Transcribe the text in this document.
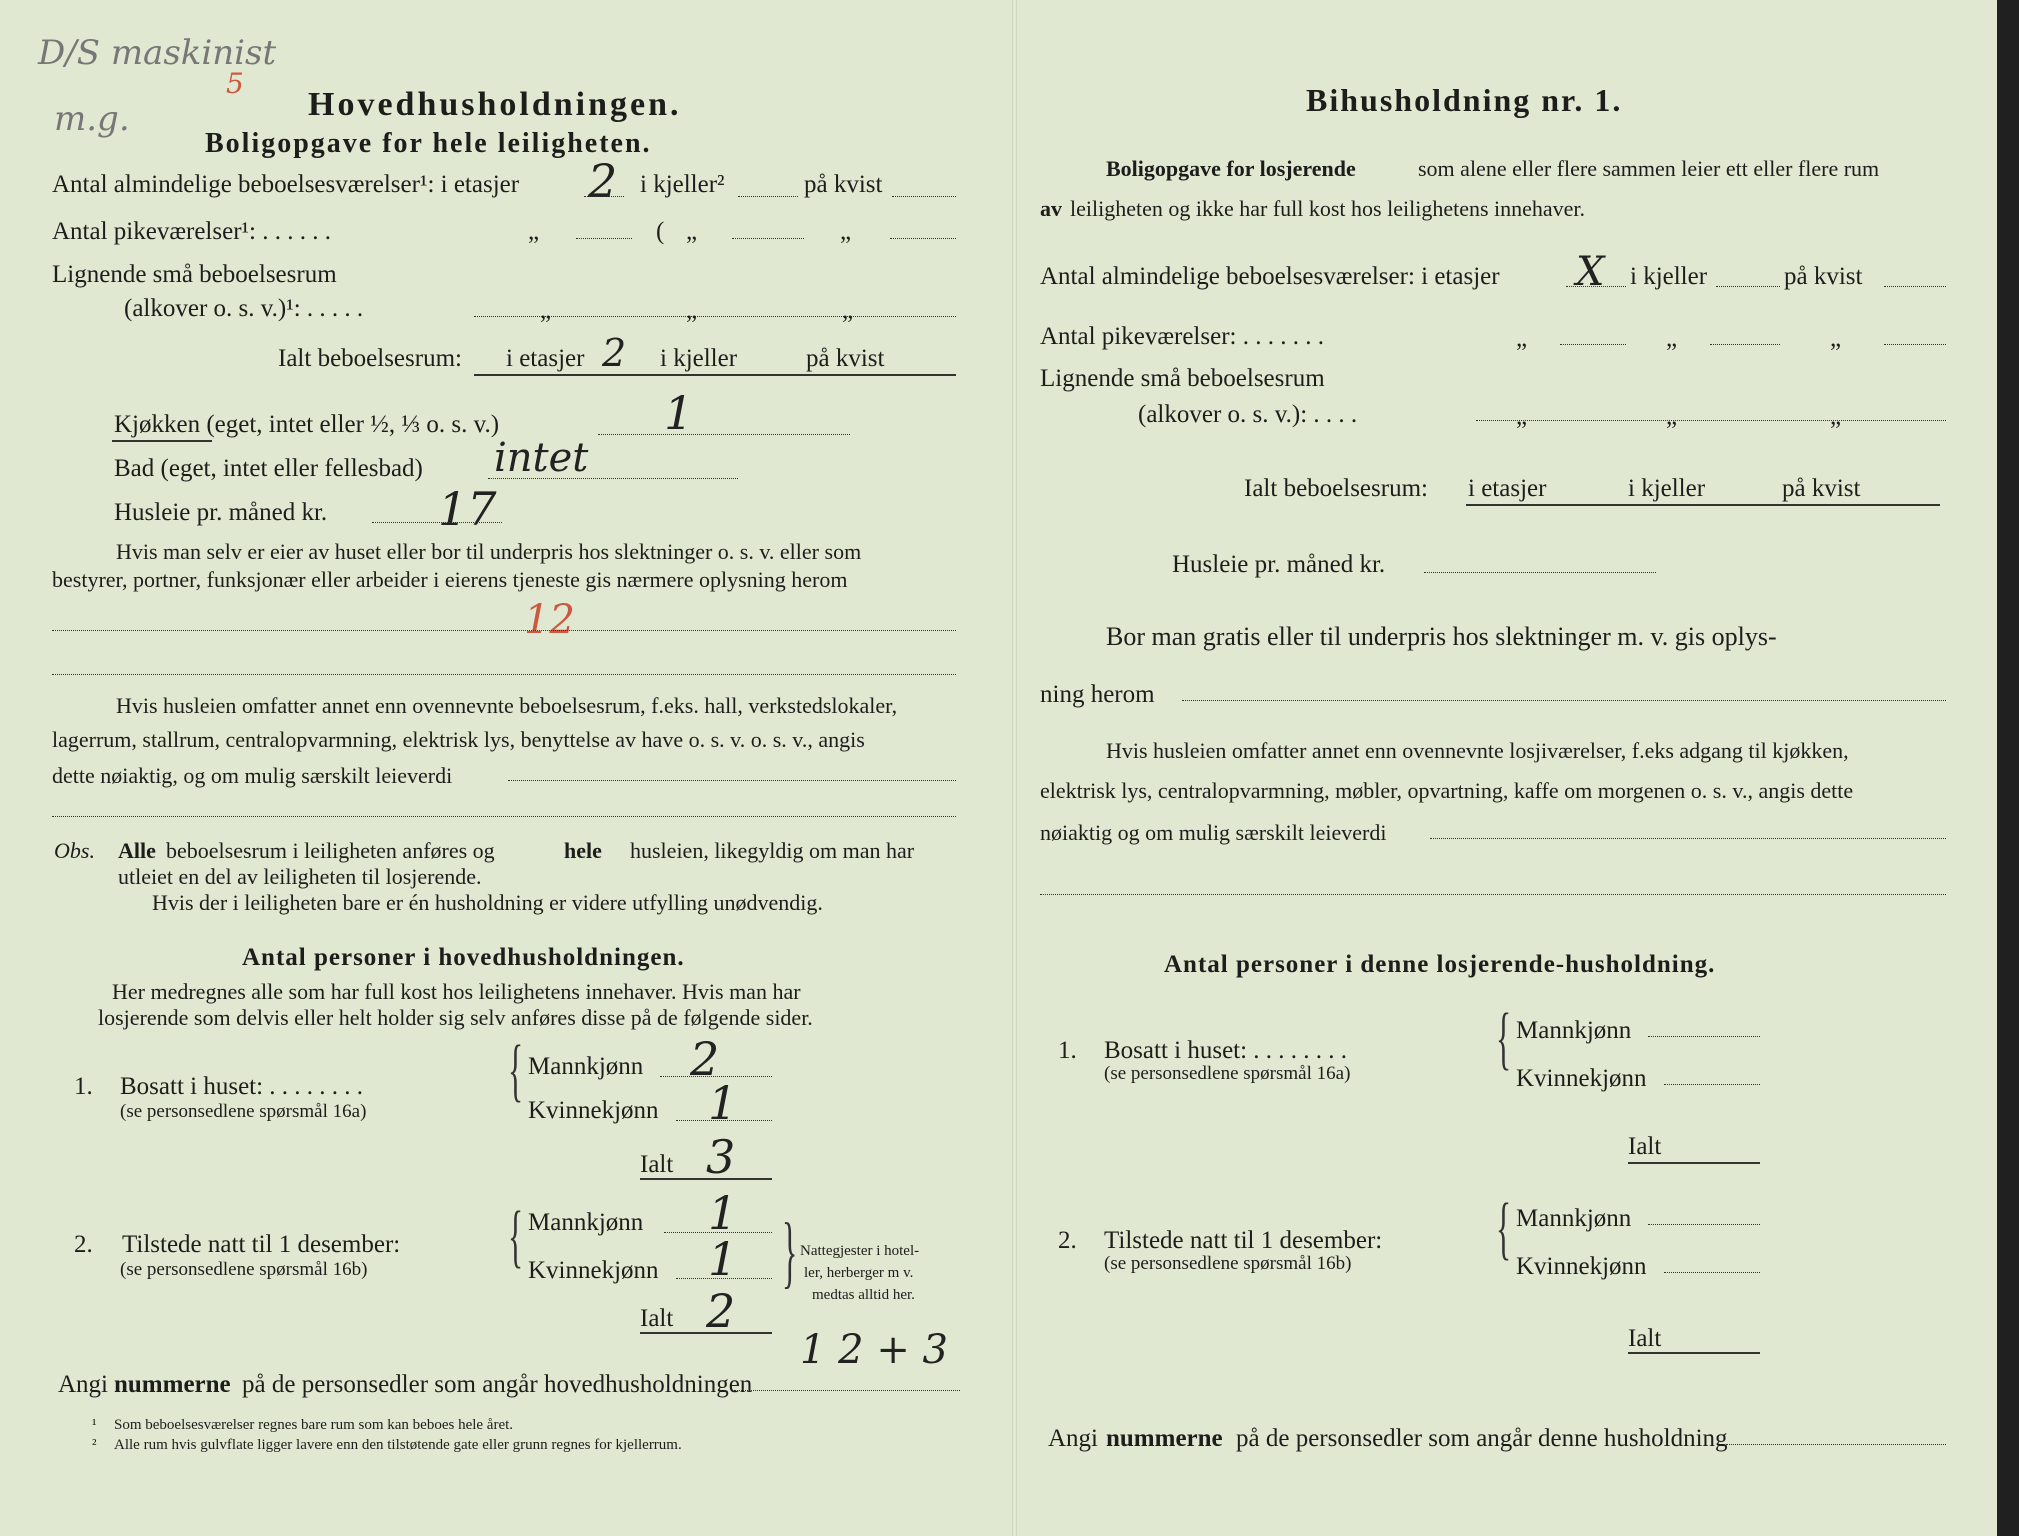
D/S maskinist
m.g.
5
Hovedhusholdningen.
Boligopgave for hele leiligheten.
Antal almindelige beboelsesværelser¹: i etasjer 2 i kjeller²	på kvist
Antal pikeværelser¹: . . . . . .	„	( „	„
Lignende små beboelsesrum
(alkover o. s. v.)¹: . . . . .	„	„	„
Ialt beboelsesrum: i etasjer 2 i kjeller	på kvist
Kjøkken (eget, intet eller ½, ⅓ o. s. v.)	1
Bad (eget, intet eller fellesbad) intet
Husleie pr. måned kr. 17
Hvis man selv er eier av huset eller bor til underpris hos slektninger o. s. v. eller som
bestyrer, portner, funksjonær eller arbeider i eierens tjeneste gis nærmere oplysning herom
12
Hvis husleien omfatter annet enn ovennevnte beboelsesrum, f.eks. hall, verkstedslokaler,
lagerrum, stallrum, centralopvarmning, elektrisk lys, benyttelse av have o. s. v. o. s. v., angis
dette nøiaktig, og om mulig særskilt leieverdi
Obs. Alle beboelsesrum i leiligheten anføres og	hele husleien, likegyldig om man har
utleiet en del av leiligheten til losjerende.
Hvis der i leiligheten bare er én husholdning er videre utfylling unødvendig.
Antal personer i hovedhusholdningen.
Her medregnes alle som har full kost hos leilighetens innehaver. Hvis man har
losjerende som delvis eller helt holder sig selv anføres disse på de følgende sider.
1. Bosatt i huset: . . . . . . . .
(se personsedlene spørsmål 16a)
{ Mannkjønn 2
Kvinnekjønn 1
Ialt 3
2. Tilstede natt til 1 desember:
(se personsedlene spørsmål 16b) { Mannkjønn 1
Kvinnekjønn 1
Ialt 2
} Nattegjester i hotel-
ler, herberger m v.
medtas alltid her.
1 2 + 3
Angi nummerne på de personsedler som angår hovedhusholdningen
¹ Som beboelsesværelser regnes bare rum som kan beboes hele året.
² Alle rum hvis gulvflate ligger lavere enn den tilstøtende gate eller grunn regnes for kjellerrum.
Bihusholdning nr. 1.
Boligopgave for losjerende	som alene eller flere sammen leier ett eller flere rum
av leiligheten og ikke har full kost hos leilighetens innehaver.
Antal almindelige beboelsesværelser: i etasjer X i kjeller	på kvist
Antal pikeværelser: . . . . . . .	„	„	„
Lignende små beboelsesrum
(alkover o. s. v.): . . . .	„	„	„
Ialt beboelsesrum: i etasjer	i kjeller	på kvist
Husleie pr. måned kr.
Bor man gratis eller til underpris hos slektninger m. v. gis oplys-
ning herom
Hvis husleien omfatter annet enn ovennevnte losjiværelser, f.eks adgang til kjøkken,
elektrisk lys, centralopvarmning, møbler, opvartning, kaffe om morgenen o. s. v., angis dette
nøiaktig og om mulig særskilt leieverdi
Antal personer i denne losjerende-husholdning.
1. Bosatt i huset: . . . . . . . .
(se personsedlene spørsmål 16a) { Mannkjønn
Kvinnekjønn
Ialt
2. Tilstede natt til 1 desember:
(se personsedlene spørsmål 16b) { Mannkjønn
Kvinnekjønn
Ialt
Angi nummerne på de personsedler som angår denne husholdning
